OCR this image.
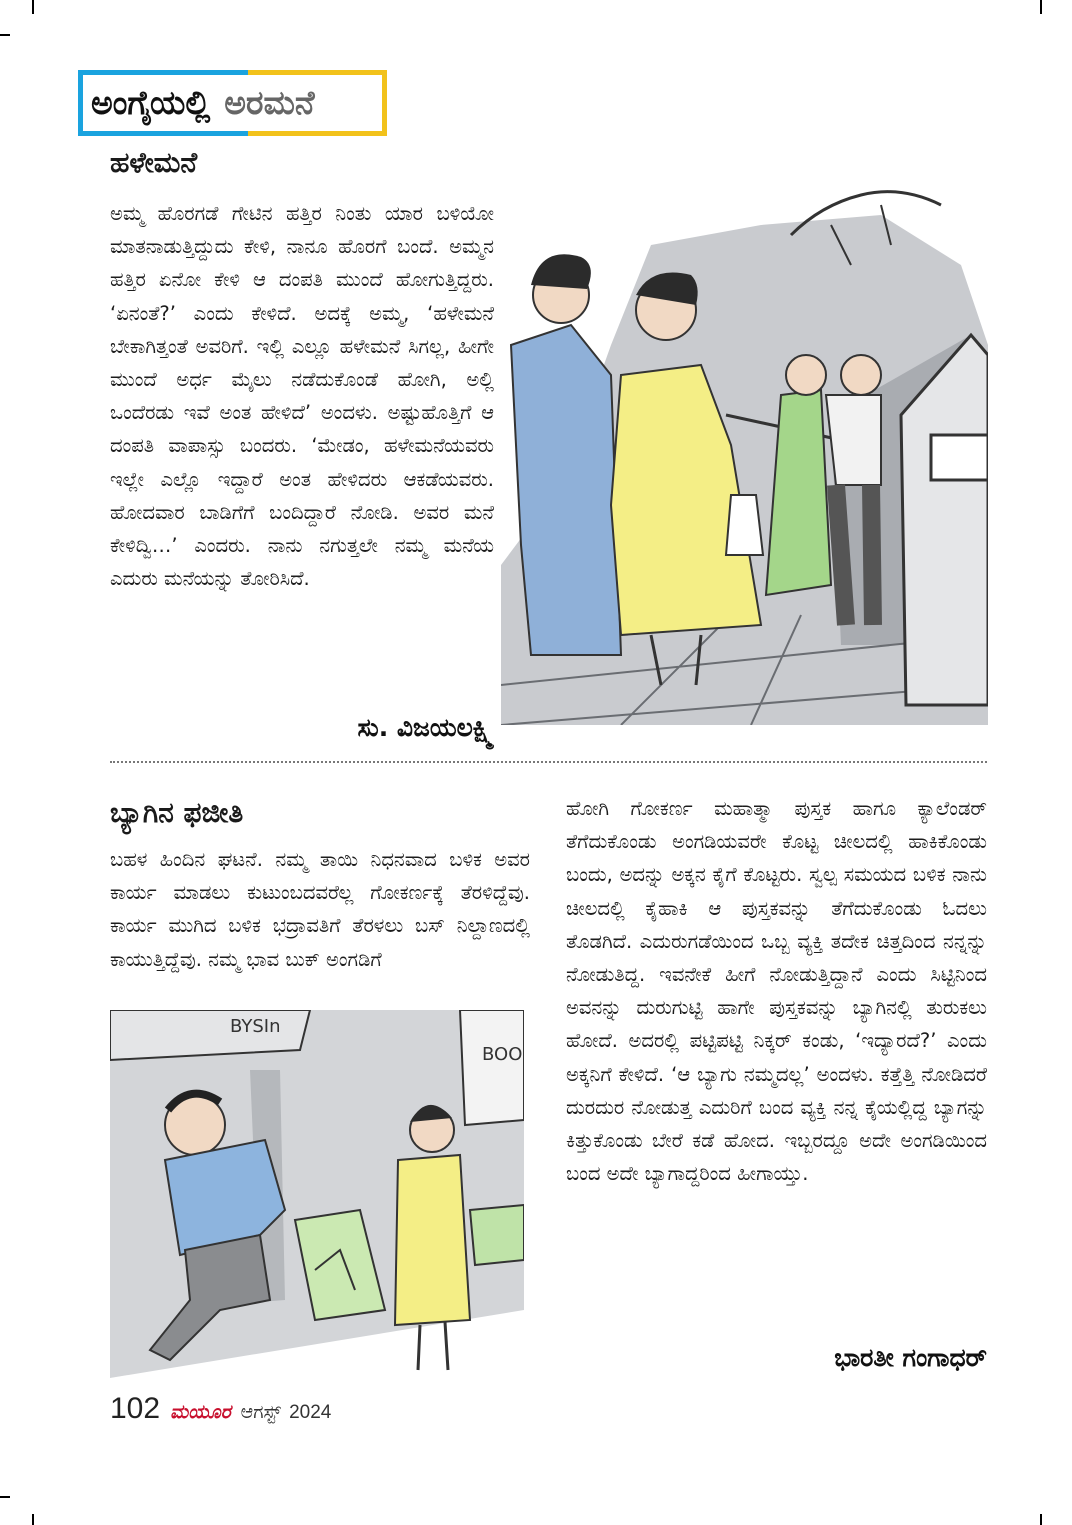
ಅಂಗೈಯಲ್ಲಿ ಅರಮನೆ
ಹಳೇಮನೆ
ಅಮ್ಮ ಹೊರಗಡೆ ಗೇಟಿನ ಹತ್ತಿರ ನಿಂತು ಯಾರ ಬಳಿಯೋ ಮಾತನಾಡುತ್ತಿದ್ದುದು ಕೇಳಿ, ನಾನೂ ಹೊರಗೆ ಬಂದೆ. ಅಮ್ಮನ ಹತ್ತಿರ ಏನೋ ಕೇಳಿ ಆ ದಂಪತಿ ಮುಂದೆ ಹೋಗುತ್ತಿದ್ದರು. ‘ಏನಂತೆ?’ ಎಂದು ಕೇಳಿದೆ. ಅದಕ್ಕೆ ಅಮ್ಮ, ‘ಹಳೇಮನೆ ಬೇಕಾಗಿತ್ತಂತೆ ಅವರಿಗೆ. ಇಲ್ಲಿ ಎಲ್ಲೂ ಹಳೇಮನೆ ಸಿಗಲ್ಲ, ಹೀಗೇ ಮುಂದೆ ಅರ್ಧ ಮೈಲು ನಡೆದುಕೊಂಡೆ ಹೋಗಿ, ಅಲ್ಲಿ ಒಂದೆರಡು ಇವೆ ಅಂತ ಹೇಳಿದೆ’ ಅಂದಳು. ಅಷ್ಟುಹೊತ್ತಿಗೆ ಆ ದಂಪತಿ ವಾಪಾಸ್ಸು ಬಂದರು. ‘ಮೇಡಂ, ಹಳೇಮನೆಯವರು ಇಲ್ಲೇ ಎಲ್ಲೊ ಇದ್ದಾರೆ ಅಂತ ಹೇಳಿದರು ಆಕಡೆಯವರು. ಹೋದವಾರ ಬಾಡಿಗೆಗೆ ಬಂದಿದ್ದಾರೆ ನೋಡಿ. ಅವರ ಮನೆ ಕೇಳಿದ್ವಿ…’ ಎಂದರು. ನಾನು ನಗುತ್ತಲೇ ನಮ್ಮ ಮನೆಯ ಎದುರು ಮನೆಯನ್ನು ತೋರಿಸಿದೆ.
ಸು. ವಿಜಯಲಕ್ಷ್ಮಿ
ಬ್ಯಾಗಿನ ಫಜೀತಿ
ಬಹಳ ಹಿಂದಿನ ಘಟನೆ. ನಮ್ಮ ತಾಯಿ ನಿಧನವಾದ ಬಳಿಕ ಅವರ ಕಾರ್ಯ ಮಾಡಲು ಕುಟುಂಬದವರೆಲ್ಲ ಗೋಕರ್ಣಕ್ಕೆ ತೆರಳಿದ್ದೆವು. ಕಾರ್ಯ ಮುಗಿದ ಬಳಿಕ ಭದ್ರಾವತಿಗೆ ತೆರಳಲು ಬಸ್ ನಿಲ್ದಾಣದಲ್ಲಿ ಕಾಯುತ್ತಿದ್ದೆವು. ನಮ್ಮ ಭಾವ ಬುಕ್ ಅಂಗಡಿಗೆ
BYSIn
BOO
ಹೋಗಿ ಗೋಕರ್ಣ ಮಹಾತ್ಮಾ ಪುಸ್ತಕ ಹಾಗೂ ಕ್ಯಾಲೆಂಡರ್ ತೆಗೆದುಕೊಂಡು ಅಂಗಡಿಯವರೇ ಕೊಟ್ಟ ಚೀಲದಲ್ಲಿ ಹಾಕಿಕೊಂಡು ಬಂದು, ಅದನ್ನು ಅಕ್ಕನ ಕೈಗೆ ಕೊಟ್ಟರು. ಸ್ವಲ್ಪ ಸಮಯದ ಬಳಿಕ ನಾನು ಚೀಲದಲ್ಲಿ ಕೈಹಾಕಿ ಆ ಪುಸ್ತಕವನ್ನು ತೆಗೆದುಕೊಂಡು ಓದಲು ತೊಡಗಿದೆ. ಎದುರುಗಡೆಯಿಂದ ಒಬ್ಬ ವ್ಯಕ್ತಿ ತದೇಕ ಚಿತ್ತದಿಂದ ನನ್ನನ್ನು ನೋಡುತಿದ್ದ. ಇವನೇಕೆ ಹೀಗೆ ನೋಡುತ್ತಿದ್ದಾನೆ ಎಂದು ಸಿಟ್ಟಿನಿಂದ ಅವನನ್ನು ದುರುಗುಟ್ಟಿ ಹಾಗೇ ಪುಸ್ತಕವನ್ನು ಬ್ಯಾಗಿನಲ್ಲಿ ತುರುಕಲು ಹೋದೆ. ಅದರಲ್ಲಿ ಪಟ್ಟಿಪಟ್ಟಿ ನಿಕ್ಕರ್ ಕಂಡು, ‘ಇದ್ಯಾರದೆ?’ ಎಂದು ಅಕ್ಕನಿಗೆ ಕೇಳಿದೆ. ‘ಆ ಬ್ಯಾಗು ನಮ್ಮದಲ್ಲ’ ಅಂದಳು. ಕತ್ತೆತ್ತಿ ನೋಡಿದರೆ ದುರದುರ ನೋಡುತ್ತ ಎದುರಿಗೆ ಬಂದ ವ್ಯಕ್ತಿ ನನ್ನ ಕೈಯಲ್ಲಿದ್ದ ಬ್ಯಾಗನ್ನು ಕಿತ್ತುಕೊಂಡು ಬೇರೆ ಕಡೆ ಹೋದ. ಇಬ್ಬರದ್ದೂ ಅದೇ ಅಂಗಡಿಯಿಂದ ಬಂದ ಅದೇ ಬ್ಯಾಗಾದ್ದರಿಂದ ಹೀಗಾಯ್ತು.
ಭಾರತೀ ಗಂಗಾಧರ್
102 ಮಯೂರ ಆಗಸ್ಟ್ 2024
